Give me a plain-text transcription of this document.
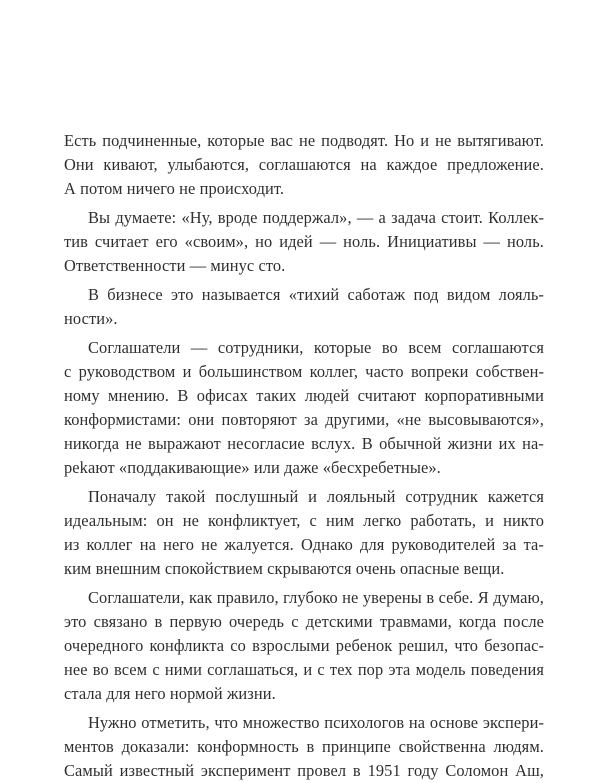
Есть подчиненные, которые вас не подводят. Но и не вытягивают.
Они кивают, улыбаются, соглашаются на каждое предложение.
А потом ничего не происходит.
Вы думаете: «Ну, вроде поддержал», — а задача стоит. Коллек-
тив считает его «своим», но идей — ноль. Инициативы — ноль.
Ответственности — минус сто.
В бизнесе это называется «тихий саботаж под видом лояль-
ности».
Соглашатели — сотрудники, которые во всем соглашаются
с руководством и большинством коллег, часто вопреки собствен-
ному мнению. В офисах таких людей считают корпоративными
конформистами: они повторяют за другими, «не высовываются»,
никогда не выражают несогласие вслух. В обычной жизни их на-
реkают «поддакивающие» или даже «бесхребетные».
Поначалу такой послушный и лояльный сотрудник кажется
идеальным: он не конфликтует, с ним легко работать, и никто
из коллег на него не жалуется. Однако для руководителей за та-
ким внешним спокойствием скрываются очень опасные вещи.
Соглашатели, как правило, глубоко не уверены в себе. Я думаю,
это связано в первую очередь с детскими травмами, когда после
очередного конфликта со взрослыми ребенок решил, что безопас-
нее во всем с ними соглашаться, и с тех пор эта модель поведения
стала для него нормой жизни.
Нужно отметить, что множество психологов на основе экспери-
ментов доказали: конформность в принципе свойственна людям.
Самый известный эксперимент провел в 1951 году Соломон Аш,
